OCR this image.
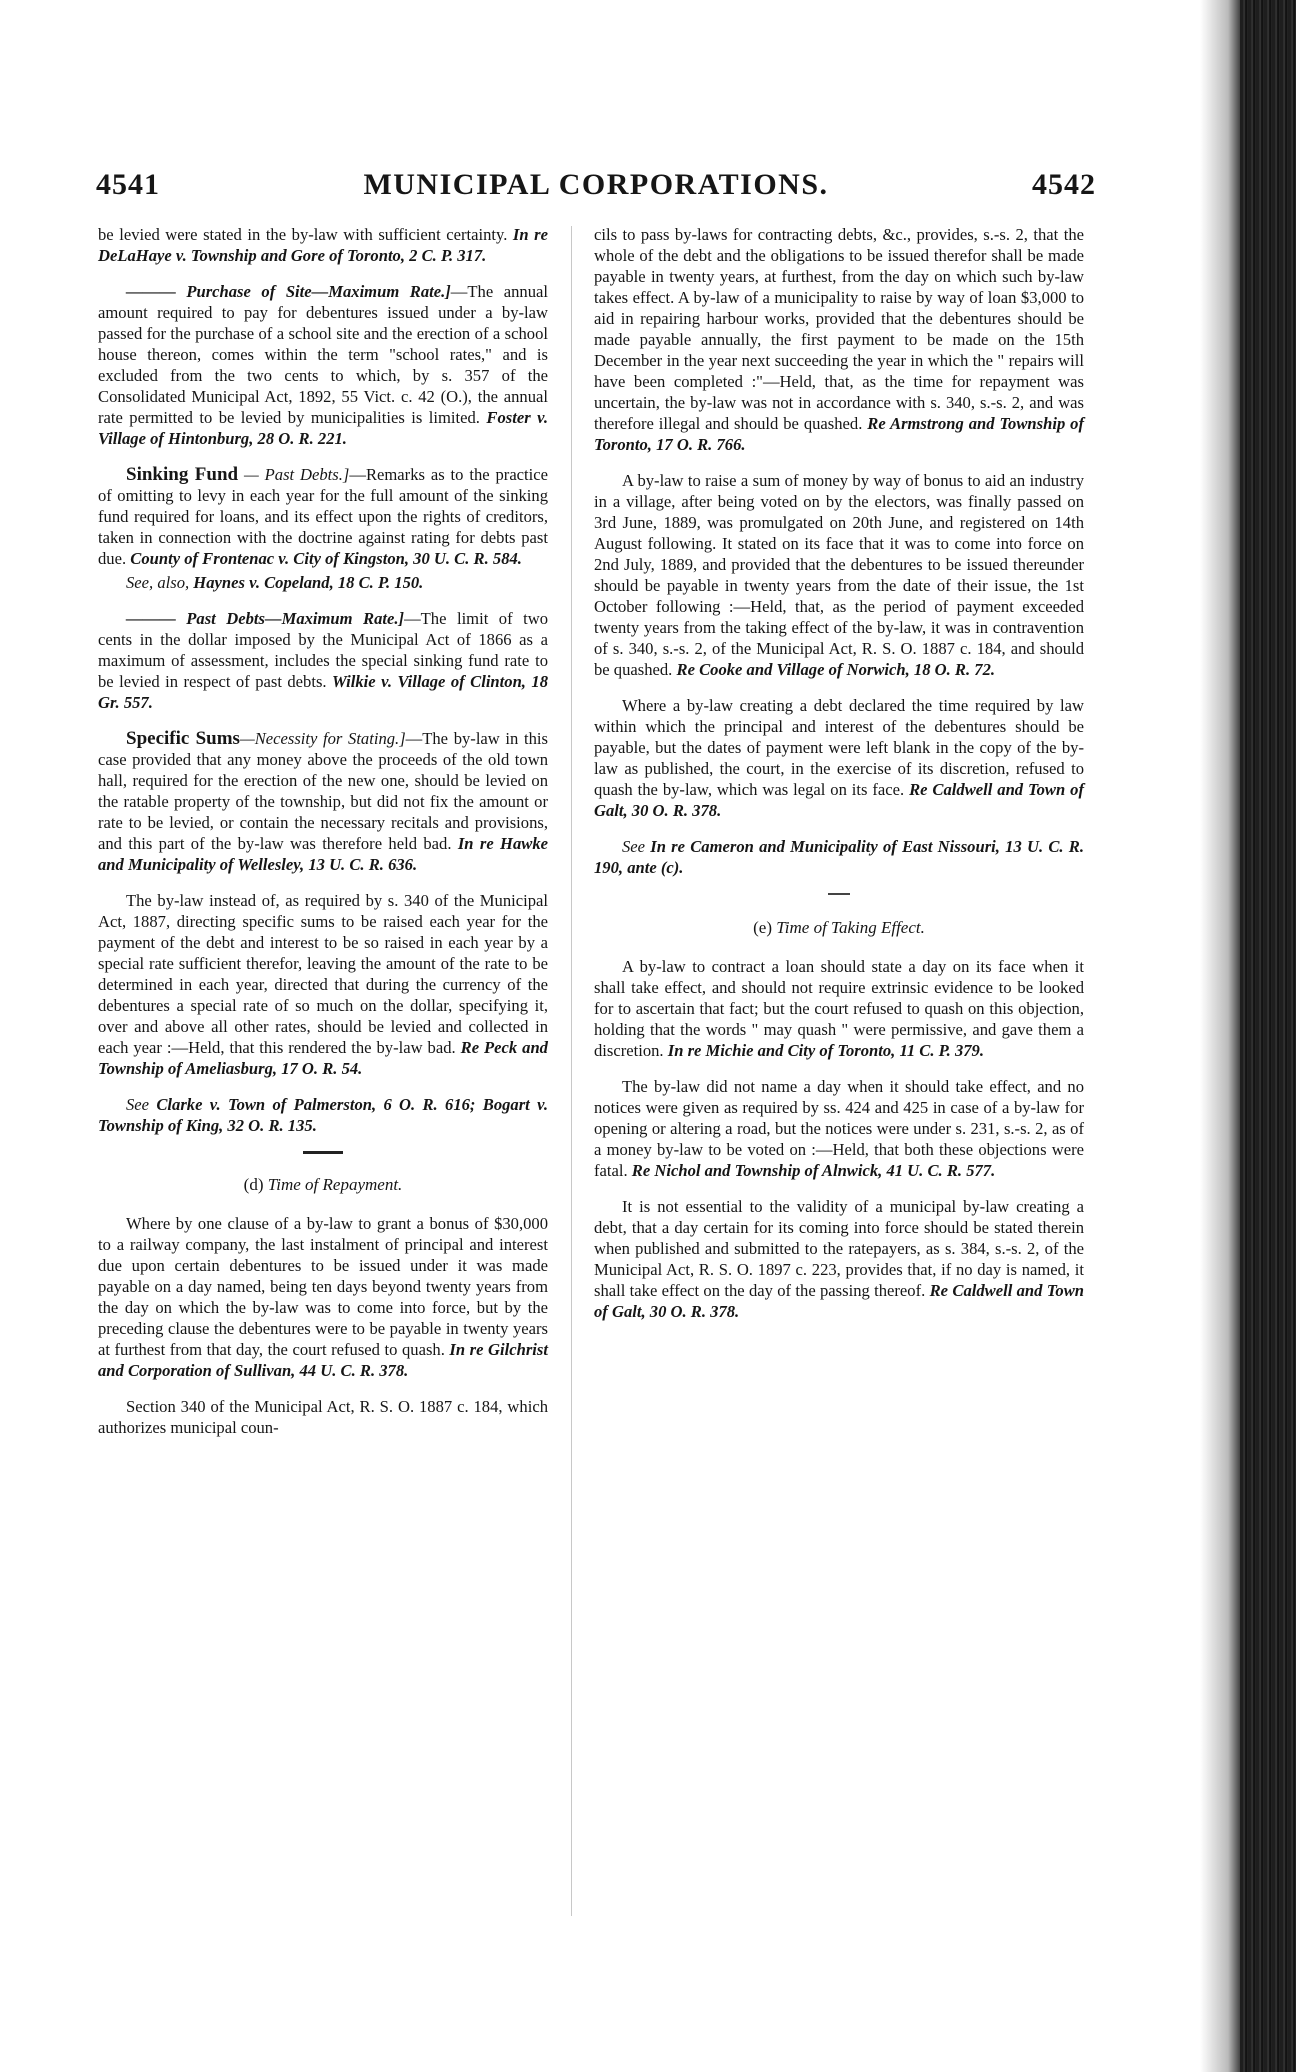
4541	MUNICIPAL CORPORATIONS.	4542

be levied were stated in the by-law with sufficient certainty. In re DeLaHaye v. Township and Gore of Toronto, 2 C. P. 317.

——— Purchase of Site—Maximum Rate.]—The annual amount required to pay for debentures issued under a by-law passed for the purchase of a school site and the erection of a school house thereon, comes within the term "school rates," and is excluded from the two cents to which, by s. 357 of the Consolidated Municipal Act, 1892, 55 Vict. c. 42 (O.), the annual rate permitted to be levied by municipalities is limited. Foster v. Village of Hintonburg, 28 O. R. 221.

Sinking Fund — Past Debts.]—Remarks as to the practice of omitting to levy in each year for the full amount of the sinking fund required for loans, and its effect upon the rights of creditors, taken in connection with the doctrine against rating for debts past due. County of Frontenac v. City of Kingston, 30 U. C. R. 584.

See, also, Haynes v. Copeland, 18 C. P. 150.

——— Past Debts—Maximum Rate.]—The limit of two cents in the dollar imposed by the Municipal Act of 1866 as a maximum of assessment, includes the special sinking fund rate to be levied in respect of past debts. Wilkie v. Village of Clinton, 18 Gr. 557.

Specific Sums—Necessity for Stating.]—The by-law in this case provided that any money above the proceeds of the old town hall, required for the erection of the new one, should be levied on the ratable property of the township, but did not fix the amount or rate to be levied, or contain the necessary recitals and provisions, and this part of the by-law was therefore held bad. In re Hawke and Municipality of Wellesley, 13 U. C. R. 636.

The by-law instead of, as required by s. 340 of the Municipal Act, 1887, directing specific sums to be raised each year for the payment of the debt and interest to be so raised in each year by a special rate sufficient therefor, leaving the amount of the rate to be determined in each year, directed that during the currency of the debentures a special rate of so much on the dollar, specifying it, over and above all other rates, should be levied and collected in each year :—Held, that this rendered the by-law bad. Re Peck and Township of Ameliasburg, 17 O. R. 54.

See Clarke v. Town of Palmerston, 6 O. R. 616; Bogart v. Township of King, 32 O. R. 135.

(d) Time of Repayment.

Where by one clause of a by-law to grant a bonus of $30,000 to a railway company, the last instalment of principal and interest due upon certain debentures to be issued under it was made payable on a day named, being ten days beyond twenty years from the day on which the by-law was to come into force, but by the preceding clause the debentures were to be payable in twenty years at furthest from that day, the court refused to quash. In re Gilchrist and Corporation of Sullivan, 44 U. C. R. 378.

Section 340 of the Municipal Act, R. S. O. 1887 c. 184, which authorizes municipal coun-

cils to pass by-laws for contracting debts, &c., provides, s.-s. 2, that the whole of the debt and the obligations to be issued therefor shall be made payable in twenty years, at furthest, from the day on which such by-law takes effect. A by-law of a municipality to raise by way of loan $3,000 to aid in repairing harbour works, provided that the debentures should be made payable annually, the first payment to be made on the 15th December in the year next succeeding the year in which the " repairs will have been completed :"—Held, that, as the time for repayment was uncertain, the by-law was not in accordance with s. 340, s.-s. 2, and was therefore illegal and should be quashed. Re Armstrong and Township of Toronto, 17 O. R. 766.

A by-law to raise a sum of money by way of bonus to aid an industry in a village, after being voted on by the electors, was finally passed on 3rd June, 1889, was promulgated on 20th June, and registered on 14th August following. It stated on its face that it was to come into force on 2nd July, 1889, and provided that the debentures to be issued thereunder should be payable in twenty years from the date of their issue, the 1st October following :—Held, that, as the period of payment exceeded twenty years from the taking effect of the by-law, it was in contravention of s. 340, s.-s. 2, of the Municipal Act, R. S. O. 1887 c. 184, and should be quashed. Re Cooke and Village of Norwich, 18 O. R. 72.

Where a by-law creating a debt declared the time required by law within which the principal and interest of the debentures should be payable, but the dates of payment were left blank in the copy of the by-law as published, the court, in the exercise of its discretion, refused to quash the by-law, which was legal on its face. Re Caldwell and Town of Galt, 30 O. R. 378.

See In re Cameron and Municipality of East Nissouri, 13 U. C. R. 190, ante (c).

(e) Time of Taking Effect.

A by-law to contract a loan should state a day on its face when it shall take effect, and should not require extrinsic evidence to be looked for to ascertain that fact; but the court refused to quash on this objection, holding that the words " may quash " were permissive, and gave them a discretion. In re Michie and City of Toronto, 11 C. P. 379.

The by-law did not name a day when it should take effect, and no notices were given as required by ss. 424 and 425 in case of a by-law for opening or altering a road, but the notices were under s. 231, s.-s. 2, as of a money by-law to be voted on :—Held, that both these objections were fatal. Re Nichol and Township of Alnwick, 41 U. C. R. 577.

It is not essential to the validity of a municipal by-law creating a debt, that a day certain for its coming into force should be stated therein when published and submitted to the ratepayers, as s. 384, s.-s. 2, of the Municipal Act, R. S. O. 1897 c. 223, provides that, if no day is named, it shall take effect on the day of the passing thereof. Re Caldwell and Town of Galt, 30 O. R. 378.
